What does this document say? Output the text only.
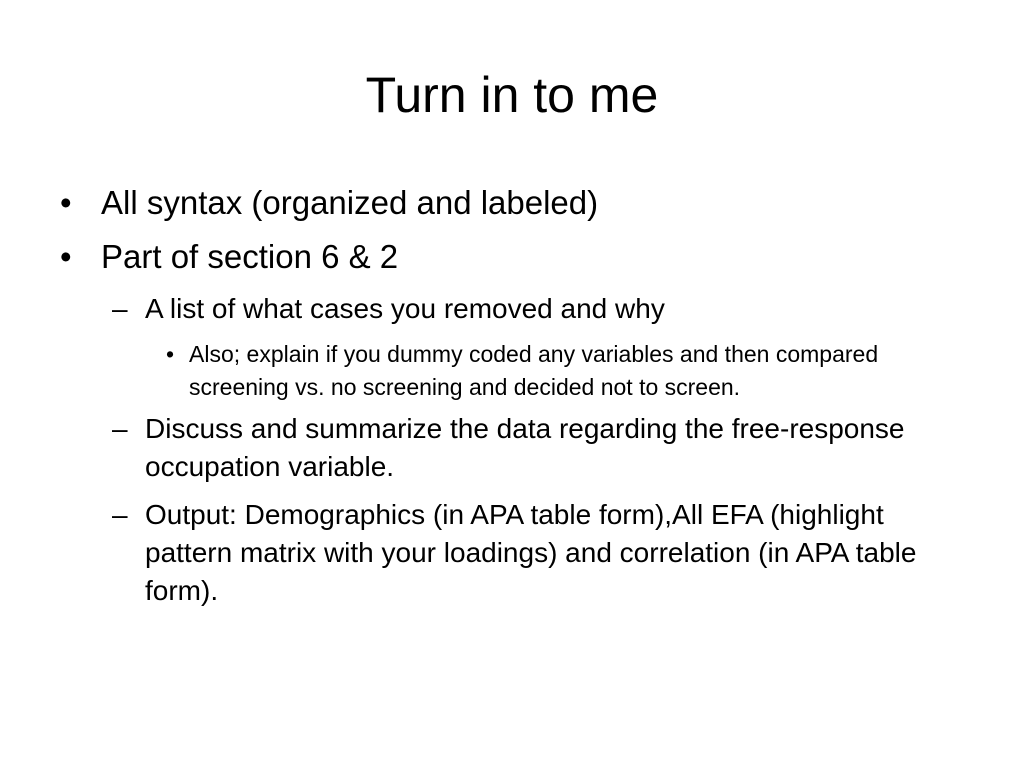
Turn in to me
• All syntax (organized and labeled)
• Part of section 6 & 2
– A list of what cases you removed and why
• Also; explain if you dummy coded any variables and then compared screening vs. no screening and decided not to screen.
– Discuss and summarize the data regarding the free-response occupation variable.
– Output: Demographics (in APA table form),All EFA (highlight pattern matrix with your loadings) and correlation (in APA table form).
